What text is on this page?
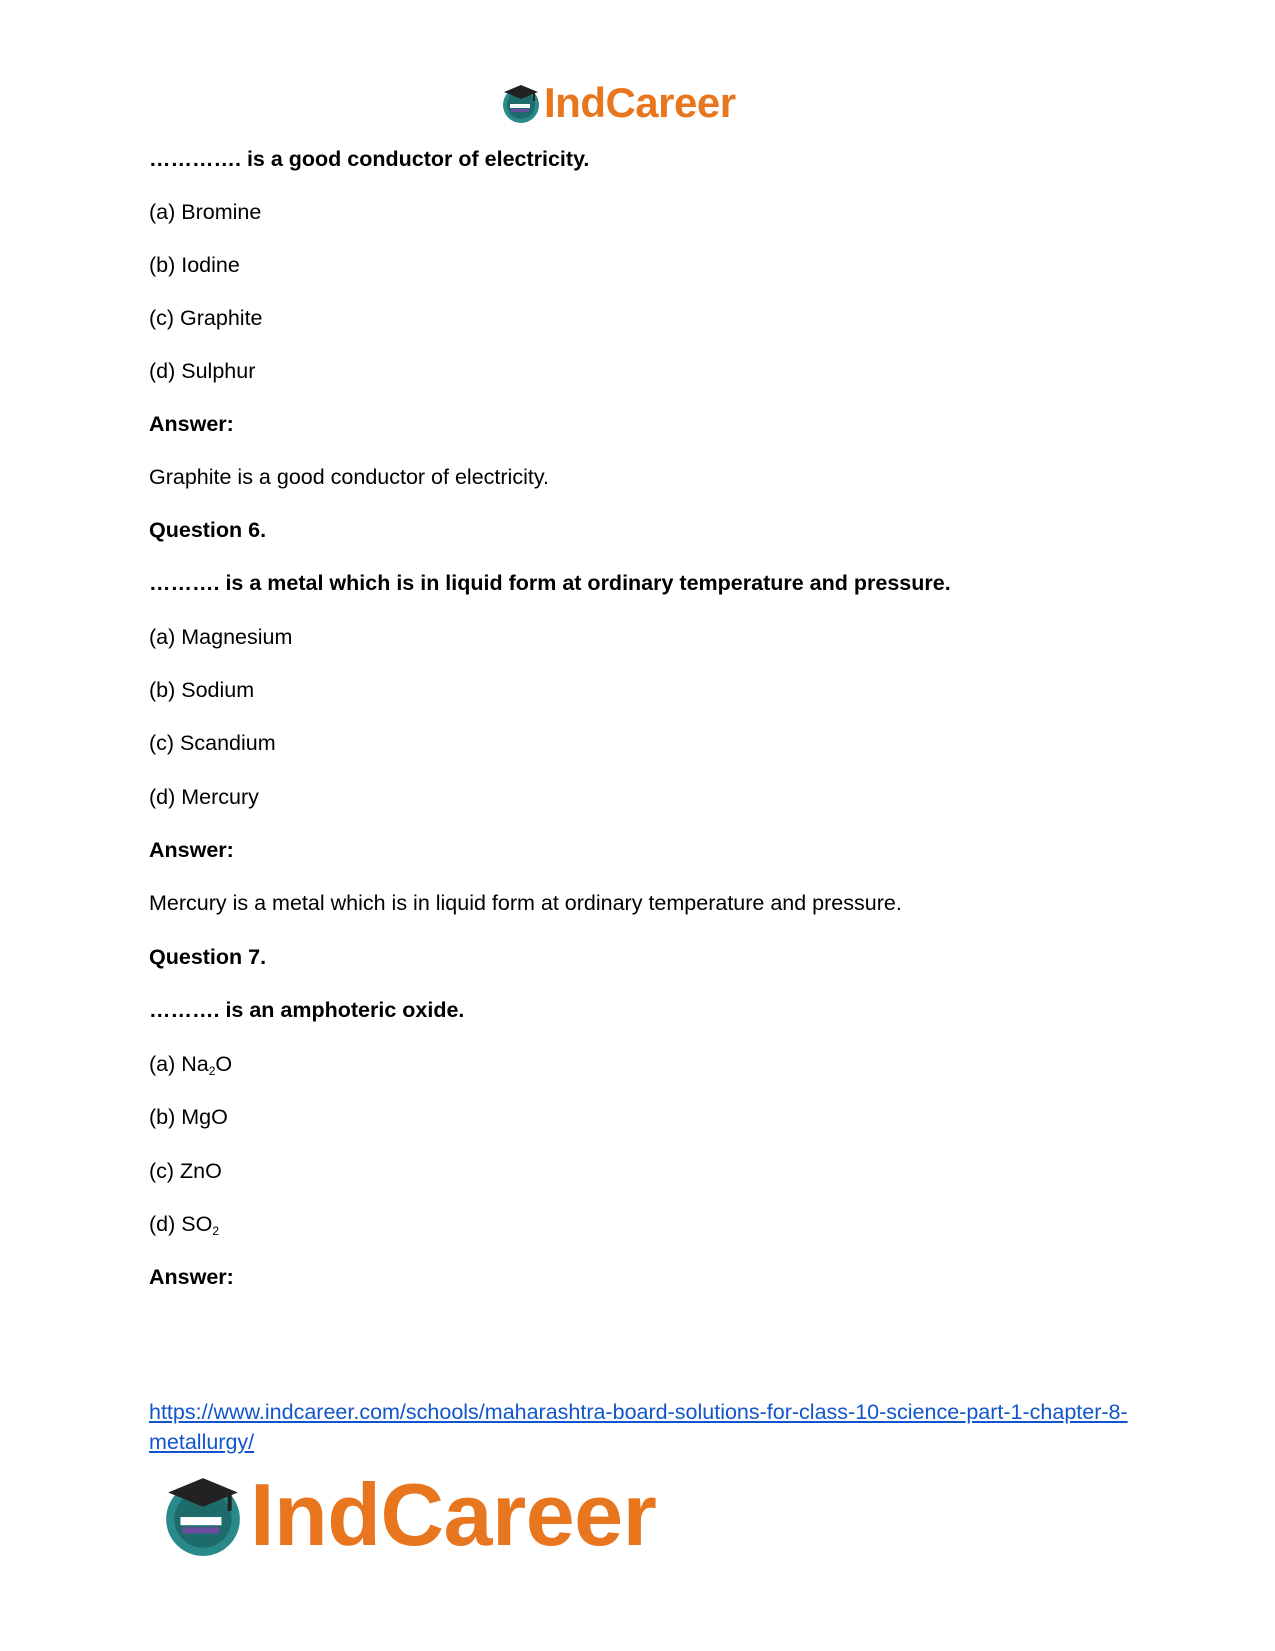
IndCareer
…………. is a good conductor of electricity.
(a) Bromine
(b) Iodine
(c) Graphite
(d) Sulphur
Answer:
Graphite is a good conductor of electricity.
Question 6.
………. is a metal which is in liquid form at ordinary temperature and pressure.
(a) Magnesium
(b) Sodium
(c) Scandium
(d) Mercury
Answer:
Mercury is a metal which is in liquid form at ordinary temperature and pressure.
Question 7.
………. is an amphoteric oxide.
(a) $Na_2O$
(b) MgO
(c) ZnO
(d) $SO_2$
Answer:
https://www.indcareer.com/schools/maharashtra-board-solutions-for-class-10-science-part-1-chapter-8-metallurgy/
IndCareer
